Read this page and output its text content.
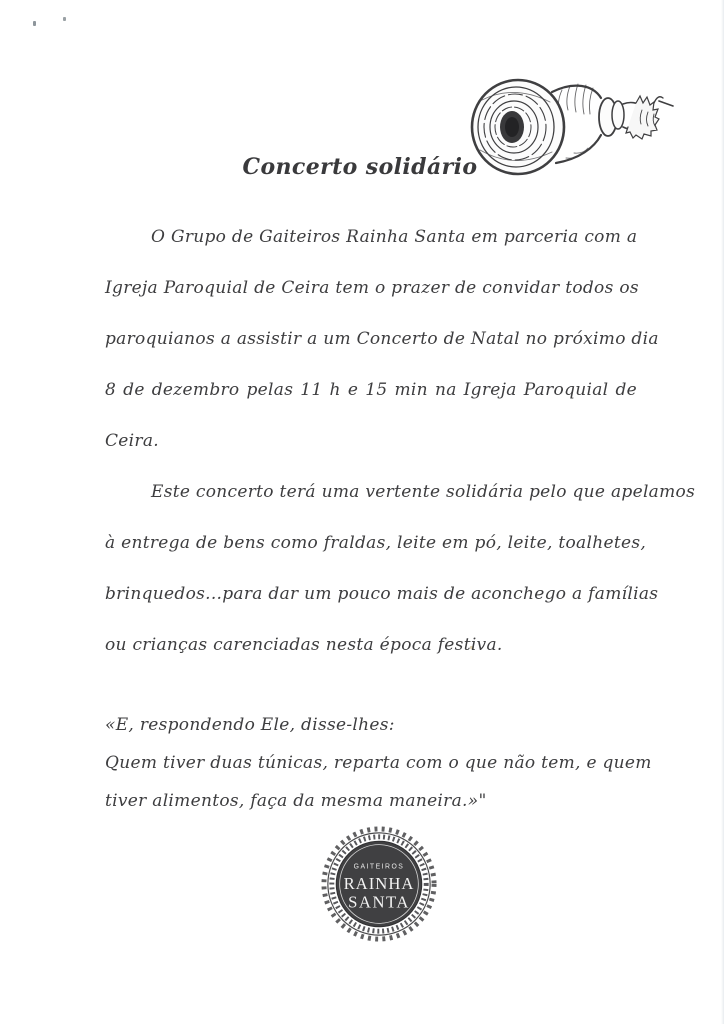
Concerto solidário
O Grupo de Gaiteiros Rainha Santa em parceria com a
Igreja Paroquial de Ceira tem o prazer de convidar todos os
paroquianos a assistir a um Concerto de Natal no próximo dia
8 de dezembro pelas 11 h e 15 min na Igreja Paroquial de
Ceira.
Este concerto terá uma vertente solidária pelo que apelamos
à entrega de bens como fraldas, leite em pó, leite, toalhetes,
brinquedos...para dar um pouco mais de aconchego a famílias
ou crianças carenciadas nesta época festiva.
«E, respondendo Ele, disse-lhes:
Quem tiver duas túnicas, reparta com o que não tem, e quem
tiver alimentos, faça da mesma maneira.»"
GAITEIROS
RAINHA
SANTA
